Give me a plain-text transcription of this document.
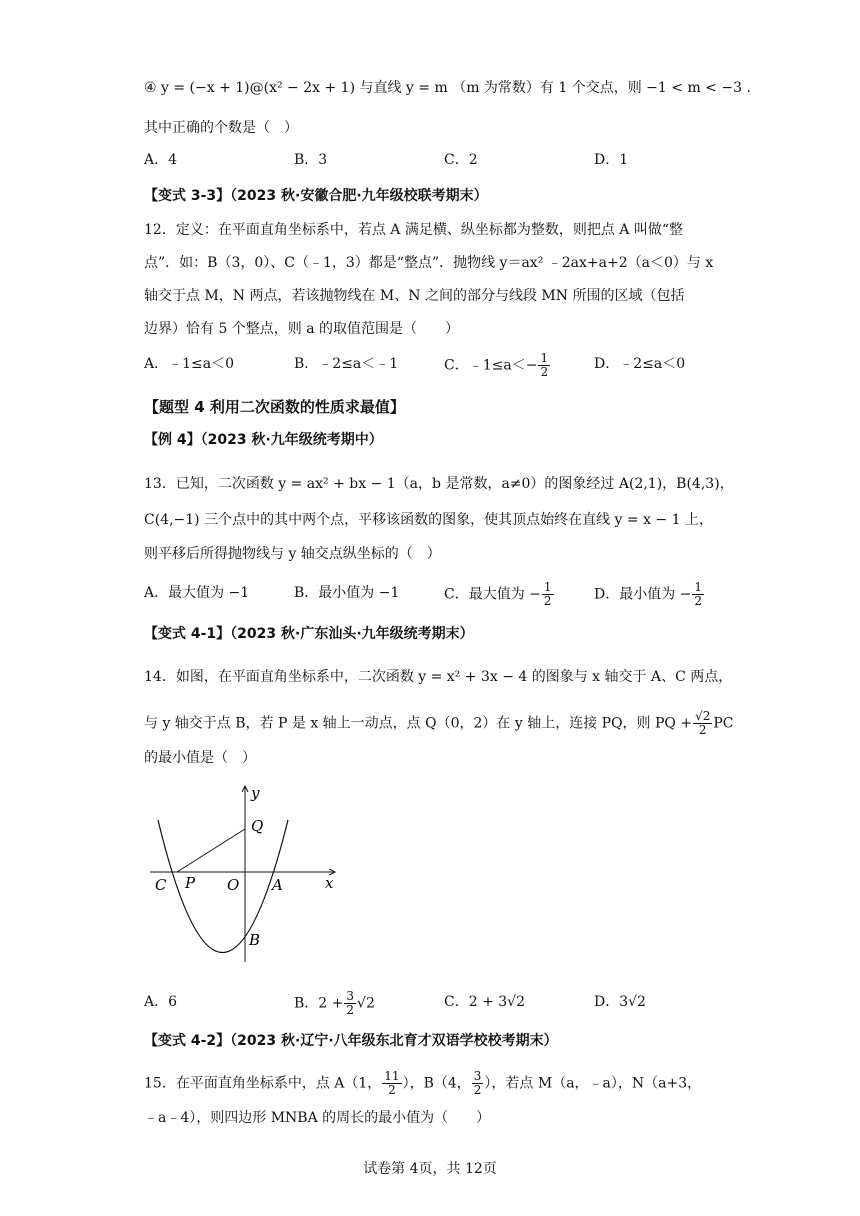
④ y = (−x + 1)@(x² − 2x + 1) 与直线 y = m （m 为常数）有 1 个交点，则 −1 < m < −3 .
其中正确的个数是（　）
A．4	B．3	C．2	D．1
【变式 3-3】（2023 秋·安徽合肥·九年级校联考期末）
12．定义：在平面直角坐标系中，若点 A 满足横、纵坐标都为整数，则把点 A 叫做“整
点”．如：B（3，0）、C（﹣1，3）都是“整点”．抛物线 y＝ax² ﹣2ax+a+2（a＜0）与 x
轴交于点 M，N 两点，若该抛物线在 M、N 之间的部分与线段 MN 所围的区域（包括
边界）恰有 5 个整点，则 a 的取值范围是（　　）
A．﹣1≤a＜0	B．﹣2≤a＜﹣1	C．﹣1≤a＜− $\frac{1}{2}$	D．﹣2≤a＜0
【题型 4 利用二次函数的性质求最值】
【例 4】（2023 秋·九年级统考期中）
13．已知，二次函数 y = ax² + bx − 1（a，b 是常数，a≠0）的图象经过 A(2,1)，B(4,3)，
C(4,−1) 三个点中的其中两个点，平移该函数的图象，使其顶点始终在直线 y = x − 1 上，
则平移后所得抛物线与 y 轴交点纵坐标的（　）
A．最大值为 −1	B．最小值为 −1	C．最大值为 − $\frac{1}{2}$	D．最小值为 − $\frac{1}{2}$
【变式 4-1】（2023 秋·广东汕头·九年级统考期末）
14．如图，在平面直角坐标系中，二次函数 y = x² + 3x − 4 的图象与 x 轴交于 A、C 两点，
与 y 轴交于点 B，若 P 是 x 轴上一动点，点 Q（0，2）在 y 轴上，连接 PQ，则 PQ + $\frac{√2}{2}$ PC
的最小值是（　）
y
x
Q
C P O A
B
A．6	B．$2 + \frac{3}{2} √2$	C．2 + 3√2	D．3√2
【变式 4-2】（2023 秋·辽宁·八年级东北育才双语学校校考期末）
15．在平面直角坐标系中，点 A（1， $\frac{11}{2}$ ），B（4， $\frac{3}{2}$ ），若点 M（a，﹣a），N（a+3，
﹣a﹣4），则四边形 MNBA 的周长的最小值为（　　）
试卷第 4页，共 12页
